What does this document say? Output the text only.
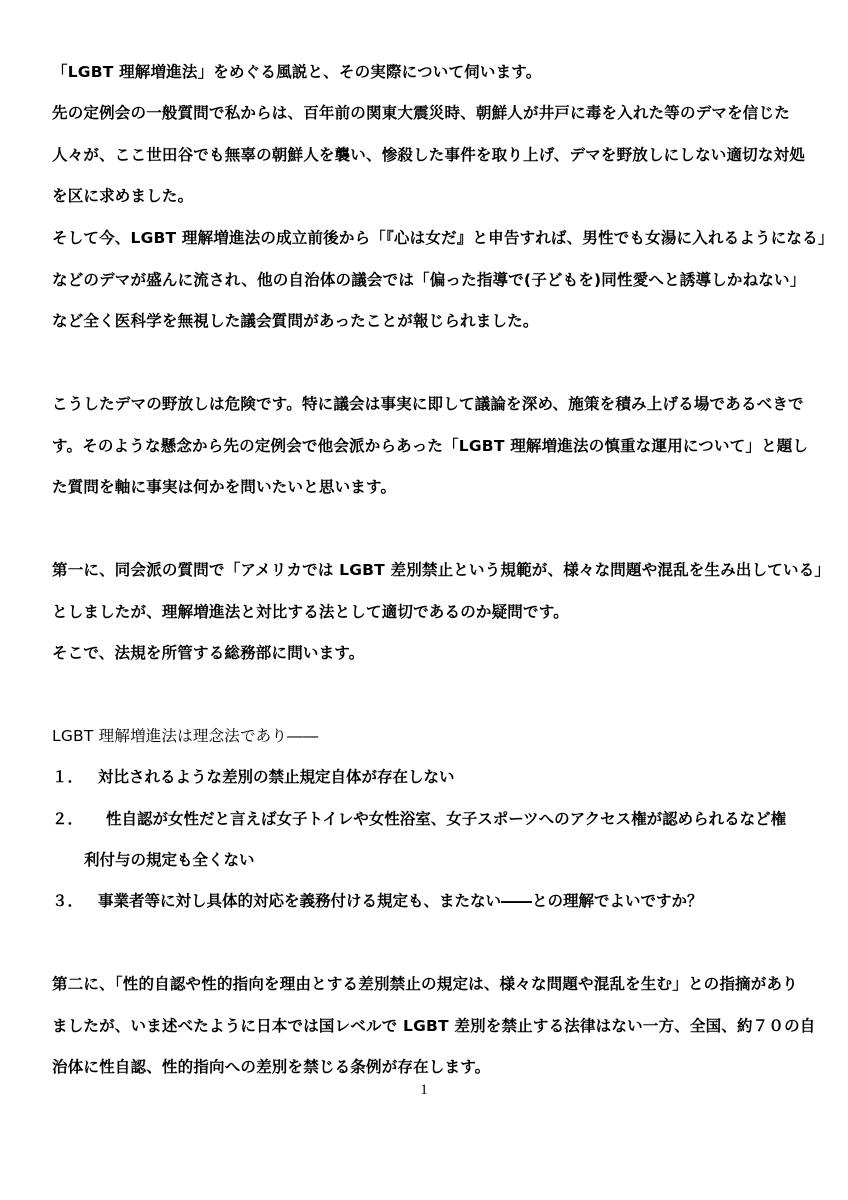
「LGBT 理解増進法」をめぐる風説と、その実際について伺います。
先の定例会の一般質問で私からは、百年前の関東大震災時、朝鮮人が井戸に毒を入れた等のデマを信じた
人々が、ここ世田谷でも無辜の朝鮮人を襲い、惨殺した事件を取り上げ、デマを野放しにしない適切な対処
を区に求めました。
そして今、LGBT 理解増進法の成立前後から「『心は女だ』と申告すれば、男性でも女湯に入れるようになる」
などのデマが盛んに流され、他の自治体の議会では「偏った指導で(子どもを)同性愛へと誘導しかねない」
など全く医科学を無視した議会質問があったことが報じられました。
こうしたデマの野放しは危険です。特に議会は事実に即して議論を深め、施策を積み上げる場であるべきで
す。そのような懸念から先の定例会で他会派からあった「LGBT 理解増進法の慎重な運用について」と題し
た質問を軸に事実は何かを問いたいと思います。
第一に、同会派の質問で「アメリカでは LGBT 差別禁止という規範が、様々な問題や混乱を生み出している」
としましたが、理解増進法と対比する法として適切であるのか疑問です。
そこで、法規を所管する総務部に問います。
LGBT 理解増進法は理念法であり――
１． 対比されるような差別の禁止規定自体が存在しない
２． 性自認が女性だと言えば女子トイレや女性浴室、女子スポーツへのアクセス権が認められるなど権
利付与の規定も全くない
３． 事業者等に対し具体的対応を義務付ける規定も、またない――との理解でよいですか？
第二に、「性的自認や性的指向を理由とする差別禁止の規定は、様々な問題や混乱を生む」との指摘があり
ましたが、いま述べたように日本では国レベルで LGBT 差別を禁止する法律はない一方、全国、約７０の自
治体に性自認、性的指向への差別を禁じる条例が存在します。
1
